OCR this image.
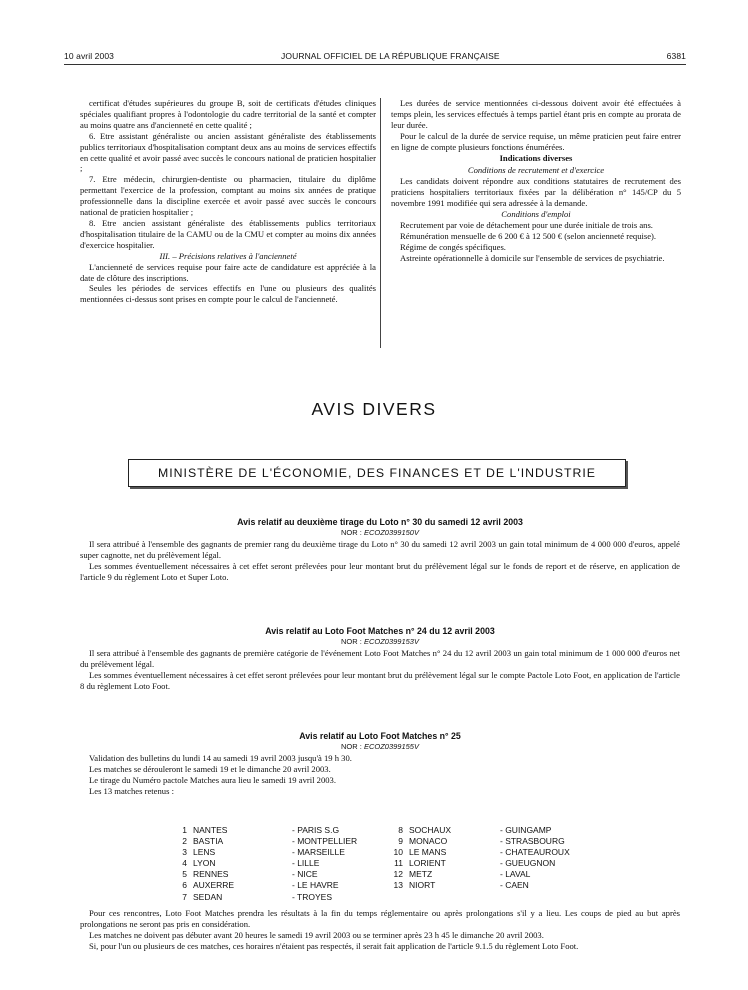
10 avril 2003	JOURNAL OFFICIEL DE LA RÉPUBLIQUE FRANÇAISE	6381

certificat d'études supérieures du groupe B, soit de certificats d'études cliniques spéciales qualifiant propres à l'odontologie du cadre territorial de la santé et compter au moins quatre ans d'ancienneté en cette qualité ;

6. Etre assistant généraliste ou ancien assistant généraliste des établissements publics territoriaux d'hospitalisation comptant deux ans au moins de services effectifs en cette qualité et avoir passé avec succès le concours national de praticien hospitalier ;

7. Etre médecin, chirurgien-dentiste ou pharmacien, titulaire du diplôme permettant l'exercice de la profession, comptant au moins six années de pratique professionnelle dans la discipline exercée et avoir passé avec succès le concours national de praticien hospitalier ;

8. Etre ancien assistant généraliste des établissements publics territoriaux d'hospitalisation titulaire de la CAMU ou de la CMU et compter au moins dix années d'exercice hospitalier.

III. – Précisions relatives à l'ancienneté

L'ancienneté de services requise pour faire acte de candidature est appréciée à la date de clôture des inscriptions.

Seules les périodes de services effectifs en l'une ou plusieurs des qualités mentionnées ci-dessus sont prises en compte pour le calcul de l'ancienneté.

Les durées de service mentionnées ci-dessous doivent avoir été effectuées à temps plein, les services effectués à temps partiel étant pris en compte au prorata de leur durée.

Pour le calcul de la durée de service requise, un même praticien peut faire entrer en ligne de compte plusieurs fonctions énumérées.

Indications diverses

Conditions de recrutement et d'exercice

Les candidats doivent répondre aux conditions statutaires de recrutement des praticiens hospitaliers territoriaux fixées par la délibération n° 145/CP du 5 novembre 1991 modifiée qui sera adressée à la demande.

Conditions d'emploi

Recrutement par voie de détachement pour une durée initiale de trois ans.

Rémunération mensuelle de 6 200 € à 12 500 € (selon ancienneté requise).

Régime de congés spécifiques.

Astreinte opérationnelle à domicile sur l'ensemble de services de psychiatrie.

AVIS DIVERS
MINISTÈRE DE L'ÉCONOMIE, DES FINANCES ET DE L'INDUSTRIE

Avis relatif au deuxième tirage du Loto n° 30 du samedi 12 avril 2003

NOR : ECOZ0399150V

Il sera attribué à l'ensemble des gagnants de premier rang du deuxième tirage du Loto n° 30 du samedi 12 avril 2003 un gain total minimum de 4 000 000 d'euros, appelé super cagnotte, net du prélèvement légal.

Les sommes éventuellement nécessaires à cet effet seront prélevées pour leur montant brut du prélèvement légal sur le fonds de report et de réserve, en application de l'article 9 du règlement Loto et Super Loto.

Avis relatif au Loto Foot Matches n° 24 du 12 avril 2003

NOR : ECOZ0399153V

Il sera attribué à l'ensemble des gagnants de première catégorie de l'événement Loto Foot Matches n° 24 du 12 avril 2003 un gain total minimum de 1 000 000 d'euros net du prélèvement légal.

Les sommes éventuellement nécessaires à cet effet seront prélevées pour leur montant brut du prélèvement légal sur le compte Pactole Loto Foot, en application de l'article 8 du règlement Loto Foot.

Avis relatif au Loto Foot Matches n° 25

NOR : ECOZ0399155V

Validation des bulletins du lundi 14 au samedi 19 avril 2003 jusqu'à 19 h 30.

Les matches se dérouleront le samedi 19 et le dimanche 20 avril 2003.

Le tirage du Numéro pactole Matches aura lieu le samedi 19 avril 2003.

Les 13 matches retenus :

1 NANTES	- PARIS S.G
2 BASTIA	- MONTPELLIER
3 LENS	- MARSEILLE
4 LYON	- LILLE
5 RENNES	- NICE
6 AUXERRE	- LE HAVRE
7 SEDAN	- TROYES
8 SOCHAUX	- GUINGAMP
9 MONACO	- STRASBOURG
10 LE MANS	- CHATEAUROUX
11 LORIENT	- GUEUGNON
12 METZ	- LAVAL
13 NIORT	- CAEN

Pour ces rencontres, Loto Foot Matches prendra les résultats à la fin du temps réglementaire ou après prolongations s'il y a lieu. Les coups de pied au but après prolongations ne seront pas pris en considération.

Les matches ne doivent pas débuter avant 20 heures le samedi 19 avril 2003 ou se terminer après 23 h 45 le dimanche 20 avril 2003.

Si, pour l'un ou plusieurs de ces matches, ces horaires n'étaient pas respectés, il serait fait application de l'article 9.1.5 du règlement Loto Foot.
